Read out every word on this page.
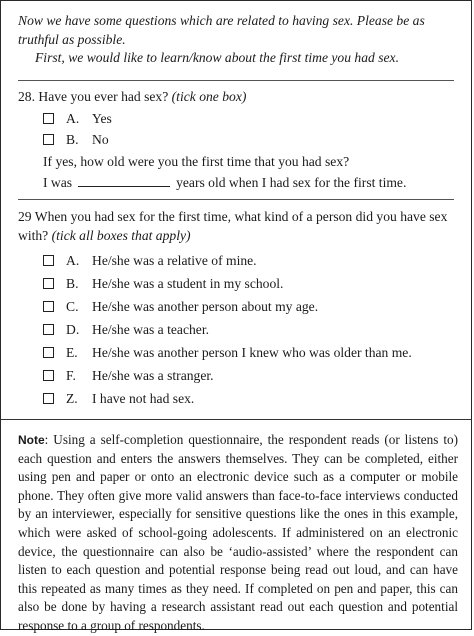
Now we have some questions which are related to having sex. Please be as truthful as possible.

First, we would like to learn/know about the first time you had sex.

28. Have you ever had sex? (tick one box)
A. Yes
B. No
If yes, how old were you the first time that you had sex?
I was	years old when I had sex for the first time.
29 When you had sex for the first time, what kind of a person did you have sex with? (tick all boxes that apply)
A. He/she was a relative of mine.
B. He/she was a student in my school.
C. He/she was another person about my age.
D. He/she was a teacher.
E. He/she was another person I knew who was older than me.
F. He/she was a stranger.
Z. I have not had sex.
Note: Using a self-completion questionnaire, the respondent reads (or listens to) each question and enters the answers themselves. They can be completed, either using pen and paper or onto an electronic device such as a computer or mobile phone. They often give more valid answers than face-to-face interviews conducted by an interviewer, especially for sensitive questions like the ones in this example, which were asked of school-going adolescents. If administered on an electronic device, the questionnaire can also be ‘audio-assisted’ where the respondent can listen to each question and potential response being read out loud, and can have this repeated as many times as they need. If completed on pen and paper, this can also be done by having a research assistant read out each question and potential response to a group of respondents.
